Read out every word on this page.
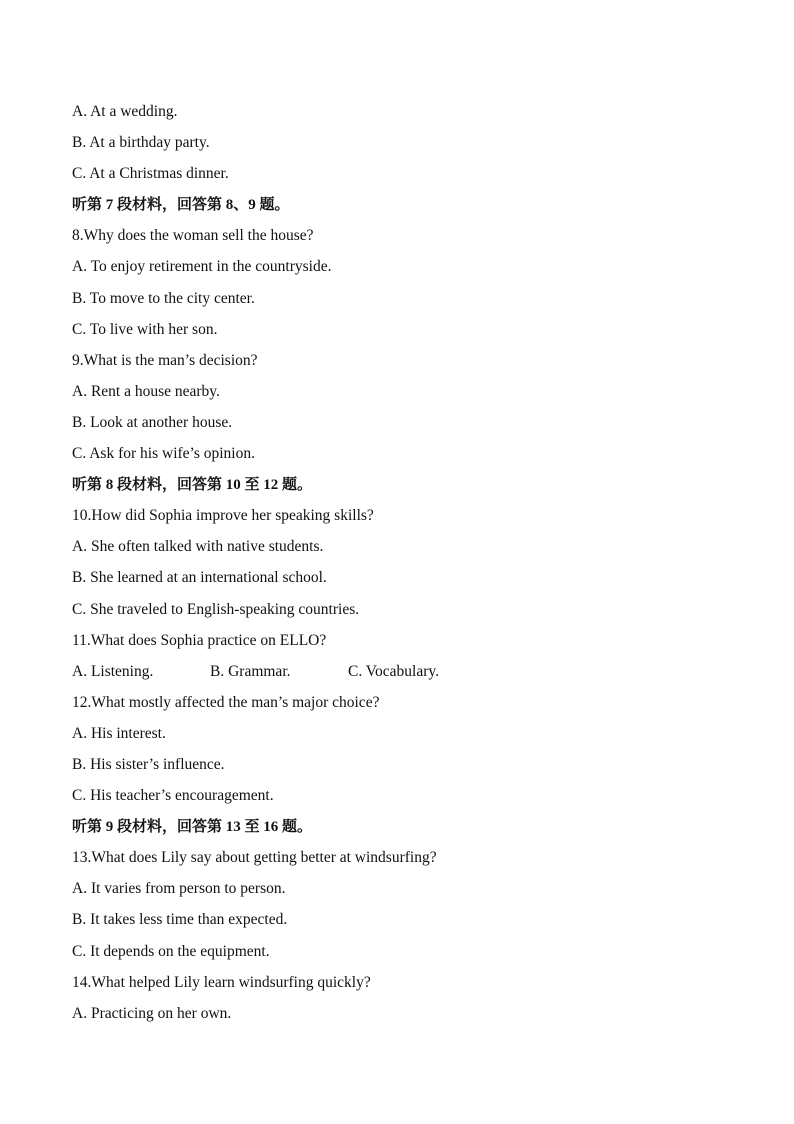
A. At a wedding.
B. At a birthday party.
C. At a Christmas dinner.
听第 7 段材料，回答第 8、9 题。
8.Why does the woman sell the house?
A. To enjoy retirement in the countryside.
B. To move to the city center.
C. To live with her son.
9.What is the man’s decision?
A. Rent a house nearby.
B. Look at another house.
C. Ask for his wife’s opinion.
听第 8 段材料，回答第 10 至 12 题。
10.How did Sophia improve her speaking skills?
A. She often talked with native students.
B. She learned at an international school.
C. She traveled to English-speaking countries.
11.What does Sophia practice on ELLO?
A. Listening.	B. Grammar.	C. Vocabulary.
12.What mostly affected the man’s major choice?
A. His interest.
B. His sister’s influence.
C. His teacher’s encouragement.
听第 9 段材料，回答第 13 至 16 题。
13.What does Lily say about getting better at windsurfing?
A. It varies from person to person.
B. It takes less time than expected.
C. It depends on the equipment.
14.What helped Lily learn windsurfing quickly?
A. Practicing on her own.
